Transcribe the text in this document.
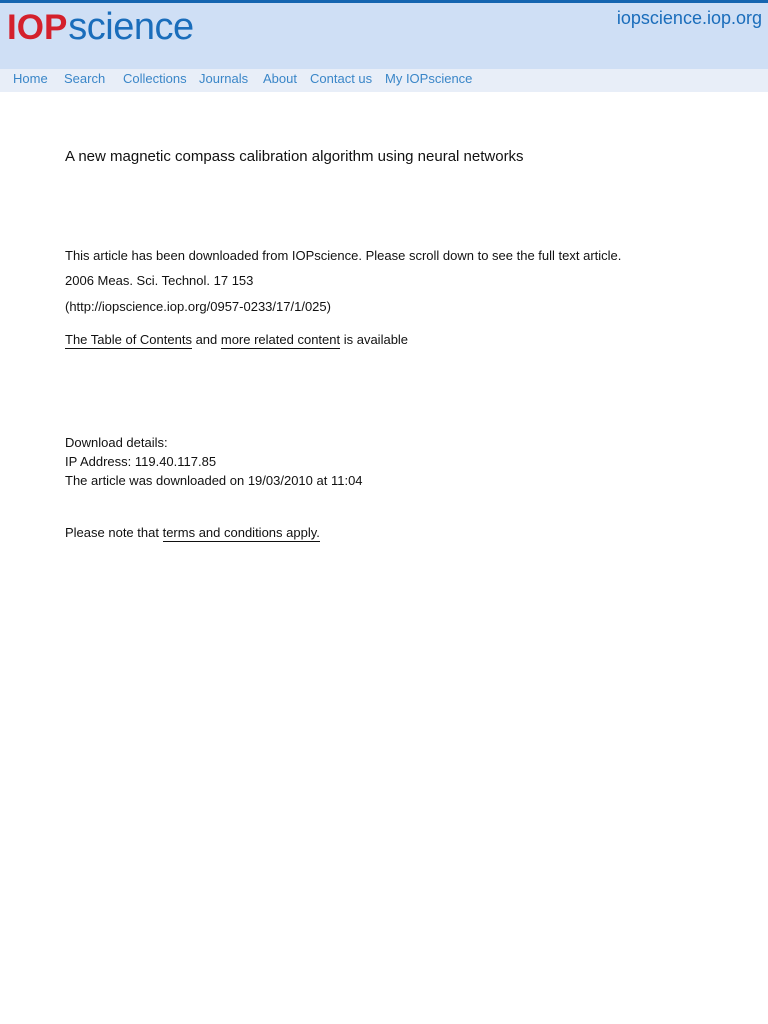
IOP science	iopscience.iop.org
Home Search Collections Journals About Contact us My IOPscience
A new magnetic compass calibration algorithm using neural networks
This article has been downloaded from IOPscience. Please scroll down to see the full text article.
2006 Meas. Sci. Technol. 17 153
(http://iopscience.iop.org/0957-0233/17/1/025)
The Table of Contents and more related content is available
Download details:
IP Address: 119.40.117.85
The article was downloaded on 19/03/2010 at 11:04
Please note that terms and conditions apply.
